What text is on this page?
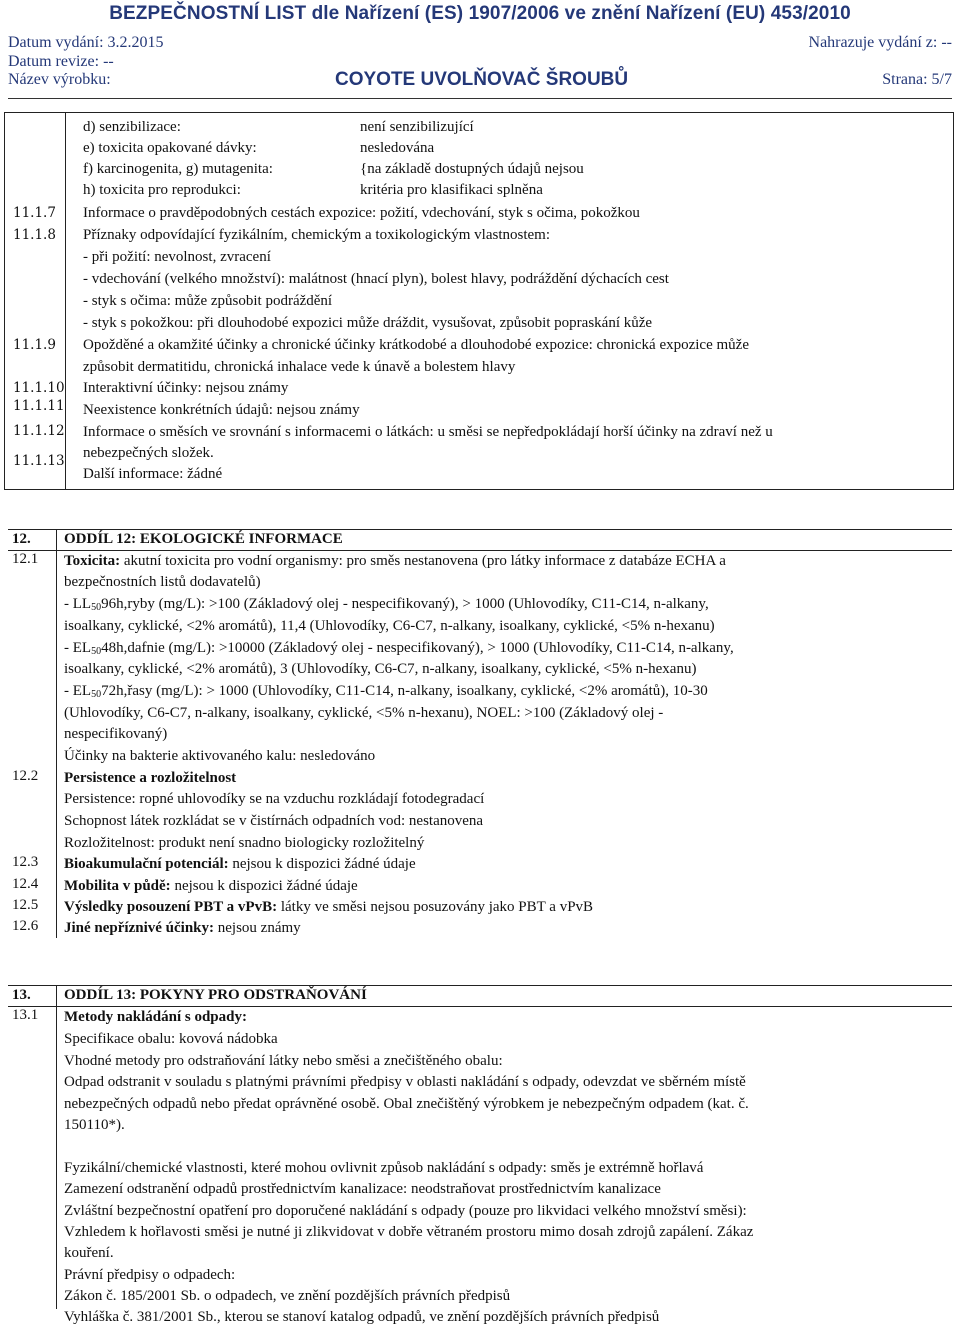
BEZPEČNOSTNÍ LIST dle Nařízení (ES) 1907/2006 ve znění Nařízení (EU) 453/2010
Datum vydání: 3.2.2015	Nahrazuje vydání z: --
Datum revize: --
Název výrobku:	COYOTE UVOLŇOVAČ ŠROUBŮ	Strana: 5/7
d) senzibilizace:	není senzibilizující
e) toxicita opakované dávky:	nesledována
f) karcinogenita, g) mutagenita:	{na základě dostupných údajů nejsou
h) toxicita pro reprodukci:	kritéria pro klasifikaci splněna
11.1.7 Informace o pravděpodobných cestách expozice: požití, vdechování, styk s očima, pokožkou
11.1.8 Příznaky odpovídající fyzikálním, chemickým a toxikologickým vlastnostem:
- při požití: nevolnost, zvracení
- vdechování (velkého množství): malátnost (hnací plyn), bolest hlavy, podráždění dýchacích cest
- styk s očima: může způsobit podráždění
- styk s pokožkou: při dlouhodobé expozici může dráždit, vysušovat, způsobit popraskání kůže
11.1.9 Opožděné a okamžité účinky a chronické účinky krátkodobé a dlouhodobé expozice: chronická expozice může
způsobit dermatitidu, chronická inhalace vede k únavě a bolestem hlavy
11.1.10 Interaktivní účinky: nejsou známy
11.1.11 Neexistence konkrétních údajů: nejsou známy
11.1.12 Informace o směsích ve srovnání s informacemi o látkách: u směsi se nepředpokládají horší účinky na zdraví než u
nebezpečných složek.
11.1.13
Další informace: žádné
12. ODDÍL 12: EKOLOGICKÉ INFORMACE
12.1 Toxicita: akutní toxicita pro vodní organismy: pro směs nestanovena (pro látky informace z databáze ECHA a
bezpečnostních listů dodavatelů)
- $LL_{50}96h,ryby$ (mg/L): >100 (Základový olej - nespecifikovaný), > 1000 (Uhlovodíky, C11-C14, n-alkany,
isoalkany, cyklické, <2% aromátů), 11,4 (Uhlovodíky, C6-C7, n-alkany, isoalkany, cyklické, <5% n-hexanu)
- $EL_{50}48h,dafnie$ (mg/L): >10000 (Základový olej - nespecifikovaný), > 1000 (Uhlovodíky, C11-C14, n-alkany,
isoalkany, cyklické, <2% aromátů), 3 (Uhlovodíky, C6-C7, n-alkany, isoalkany, cyklické, <5% n-hexanu)
- $EL_{50}72h,řasy$ (mg/L): > 1000 (Uhlovodíky, C11-C14, n-alkany, isoalkany, cyklické, <2% aromátů), 10-30
(Uhlovodíky, C6-C7, n-alkany, isoalkany, cyklické, <5% n-hexanu), NOEL: >100 (Základový olej -
nespecifikovaný)
Účinky na bakterie aktivovaného kalu: nesledováno
12.2 Persistence a rozložitelnost
Persistence: ropné uhlovodíky se na vzduchu rozkládají fotodegradací
Schopnost látek rozkládat se v čistírnách odpadních vod: nestanovena
Rozložitelnost: produkt není snadno biologicky rozložitelný
12.3 Bioakumulační potenciál: nejsou k dispozici žádné údaje
12.4 Mobilita v půdě: nejsou k dispozici žádné údaje
12.5 Výsledky posouzení PBT a vPvB: látky ve směsi nejsou posuzovány jako PBT a vPvB
12.6 Jiné nepříznivé účinky: nejsou známy
13. ODDÍL 13: POKYNY PRO ODSTRAŇOVÁNÍ
13.1 Metody nakládání s odpady:
Specifikace obalu: kovová nádobka
Vhodné metody pro odstraňování látky nebo směsi a znečištěného obalu:
Odpad odstranit v souladu s platnými právními předpisy v oblasti nakládání s odpady, odevzdat ve sběrném místě
nebezpečných odpadů nebo předat oprávněné osobě. Obal znečištěný výrobkem je nebezpečným odpadem (kat. č.
150110*).
Fyzikální/chemické vlastnosti, které mohou ovlivnit způsob nakládání s odpady: směs je extrémně hořlavá
Zamezení odstranění odpadů prostřednictvím kanalizace: neodstraňovat prostřednictvím kanalizace
Zvláštní bezpečnostní opatření pro doporučené nakládání s odpady (pouze pro likvidaci velkého množství směsi):
Vzhledem k hořlavosti směsi je nutné ji zlikvidovat v dobře větraném prostoru mimo dosah zdrojů zapálení. Zákaz
kouření.
Právní předpisy o odpadech:
Zákon č. 185/2001 Sb. o odpadech, ve znění pozdějších právních předpisů
Vyhláška č. 381/2001 Sb., kterou se stanoví katalog odpadů, ve znění pozdějších právních předpisů
